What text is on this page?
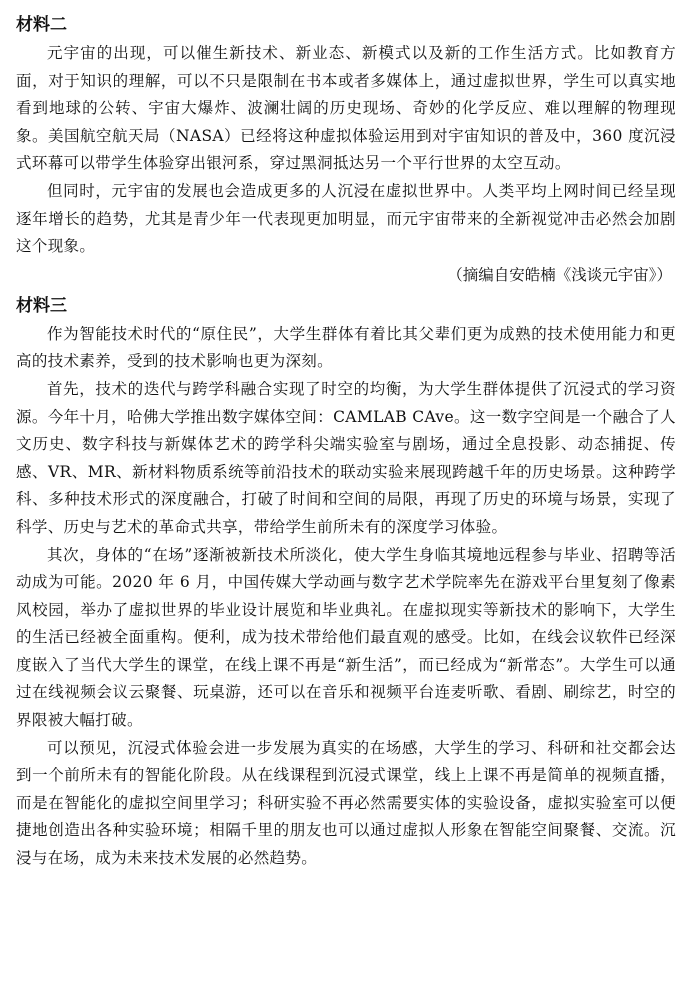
材料二

元宇宙的出现，可以催生新技术、新业态、新模式以及新的工作生活方式。比如教育方面，对于知识的理解，可以不只是限制在书本或者多媒体上，通过虚拟世界，学生可以真实地看到地球的公转、宇宙大爆炸、波澜壮阔的历史现场、奇妙的化学反应、难以理解的物理现象。美国航空航天局（NASA）已经将这种虚拟体验运用到对宇宙知识的普及中，360 度沉浸式环幕可以带学生体验穿出银河系，穿过黑洞抵达另一个平行世界的太空互动。

但同时，元宇宙的发展也会造成更多的人沉浸在虚拟世界中。人类平均上网时间已经呈现逐年增长的趋势，尤其是青少年一代表现更加明显，而元宇宙带来的全新视觉冲击必然会加剧这个现象。

（摘编自安皓楠《浅谈元宇宙》）

材料三

作为智能技术时代的“原住民”，大学生群体有着比其父辈们更为成熟的技术使用能力和更高的技术素养，受到的技术影响也更为深刻。

首先，技术的迭代与跨学科融合实现了时空的均衡，为大学生群体提供了沉浸式的学习资源。今年十月，哈佛大学推出数字媒体空间：CAMLAB CAve。这一数字空间是一个融合了人文历史、数字科技与新媒体艺术的跨学科尖端实验室与剧场，通过全息投影、动态捕捉、传感、VR、MR、新材料物质系统等前沿技术的联动实验来展现跨越千年的历史场景。这种跨学科、多种技术形式的深度融合，打破了时间和空间的局限，再现了历史的环境与场景，实现了科学、历史与艺术的革命式共享，带给学生前所未有的深度学习体验。

其次，身体的“在场”逐渐被新技术所淡化，使大学生身临其境地远程参与毕业、招聘等活动成为可能。2020 年 6 月，中国传媒大学动画与数字艺术学院率先在游戏平台里复刻了像素风校园，举办了虚拟世界的毕业设计展览和毕业典礼。在虚拟现实等新技术的影响下，大学生的生活已经被全面重构。便利，成为技术带给他们最直观的感受。比如，在线会议软件已经深度嵌入了当代大学生的课堂，在线上课不再是“新生活”，而已经成为“新常态”。大学生可以通过在线视频会议云聚餐、玩桌游，还可以在音乐和视频平台连麦听歌、看剧、刷综艺，时空的界限被大幅打破。

可以预见，沉浸式体验会进一步发展为真实的在场感，大学生的学习、科研和社交都会达到一个前所未有的智能化阶段。从在线课程到沉浸式课堂，线上上课不再是简单的视频直播，而是在智能化的虚拟空间里学习；科研实验不再必然需要实体的实验设备，虚拟实验室可以便捷地创造出各种实验环境；相隔千里的朋友也可以通过虚拟人形象在智能空间聚餐、交流。沉浸与在场，成为未来技术发展的必然趋势。
